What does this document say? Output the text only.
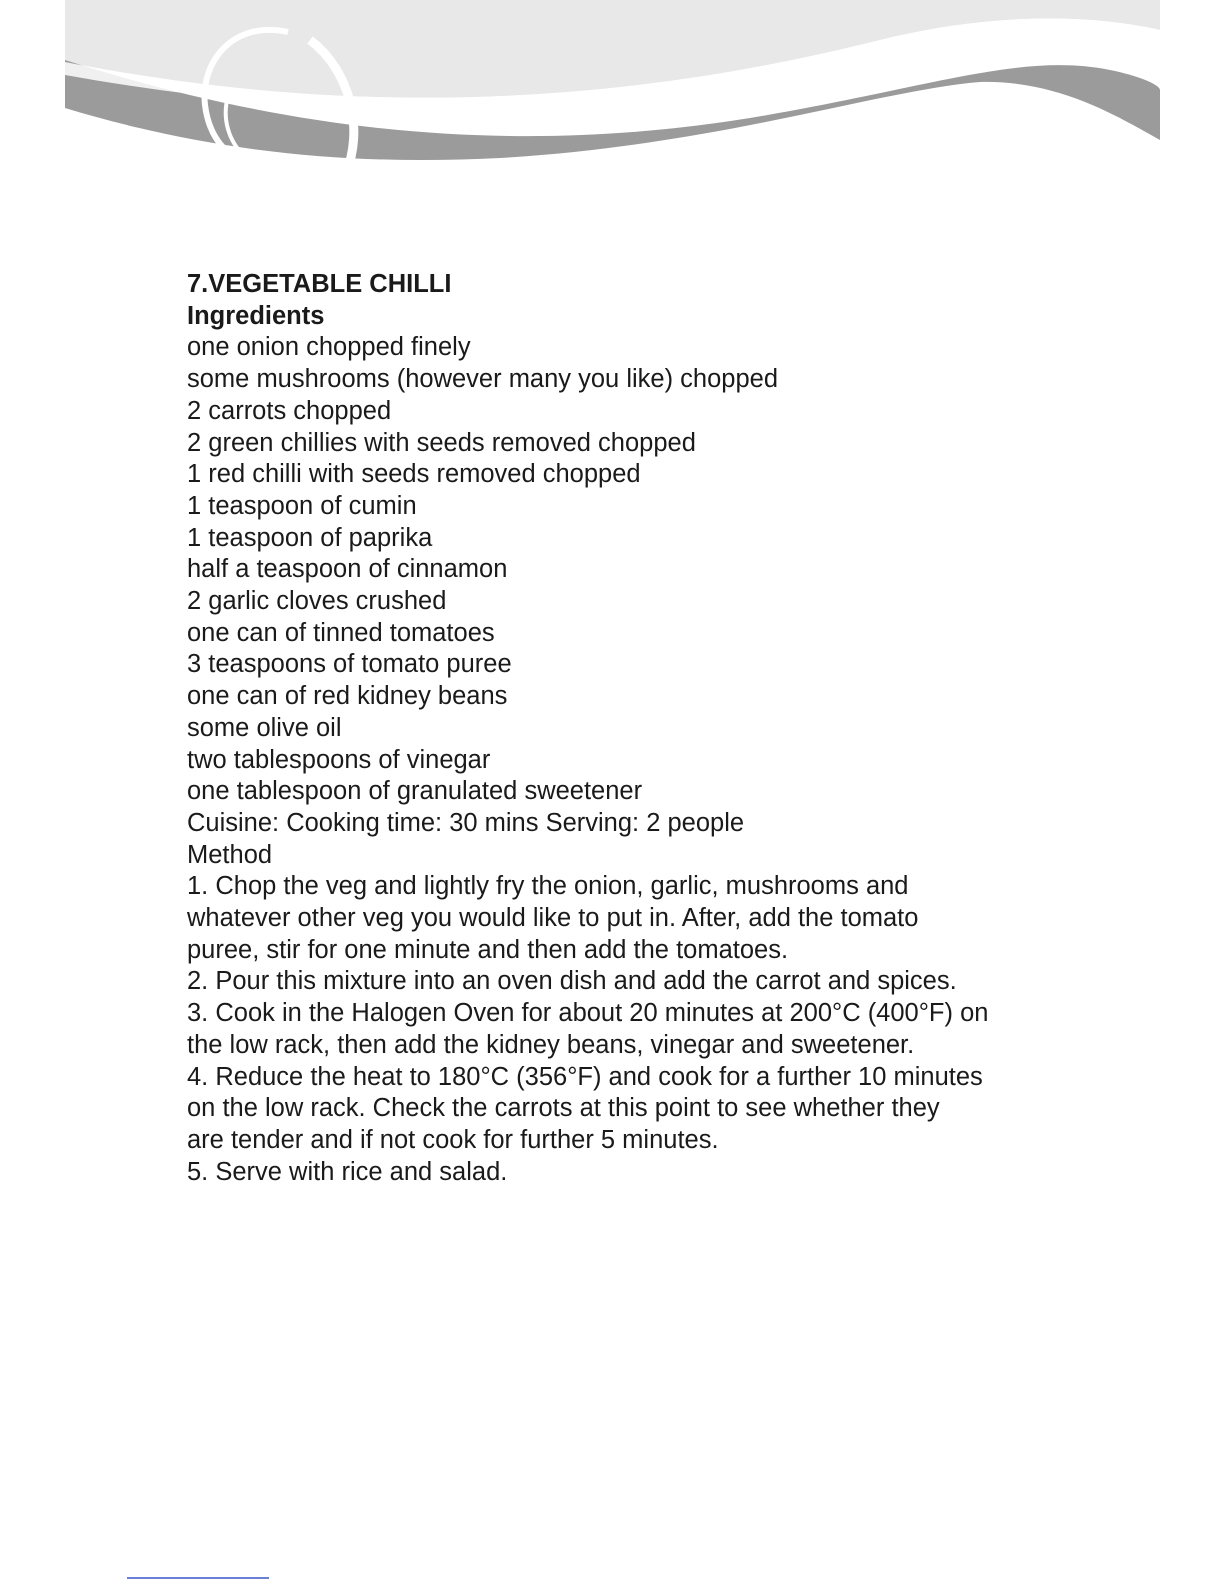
7.VEGETABLE CHILLI
Ingredients
one onion chopped finely
some mushrooms (however many you like) chopped
2 carrots chopped
2 green chillies with seeds removed chopped
1 red chilli with seeds removed chopped
1 teaspoon of cumin
1 teaspoon of paprika
half a teaspoon of cinnamon
2 garlic cloves crushed
one can of tinned tomatoes
3 teaspoons of tomato puree
one can of red kidney beans
some olive oil
two tablespoons of vinegar
one tablespoon of granulated sweetener
Cuisine: Cooking time: 30 mins Serving: 2 people
Method
1. Chop the veg and lightly fry the onion, garlic, mushrooms and
whatever other veg you would like to put in. After, add the tomato
puree, stir for one minute and then add the tomatoes.
2. Pour this mixture into an oven dish and add the carrot and spices.
3. Cook in the Halogen Oven for about 20 minutes at 200°C (400°F) on
the low rack, then add the kidney beans, vinegar and sweetener.
4. Reduce the heat to 180°C (356°F) and cook for a further 10 minutes
on the low rack. Check the carrots at this point to see whether they
are tender and if not cook for further 5 minutes.
5. Serve with rice and salad.
